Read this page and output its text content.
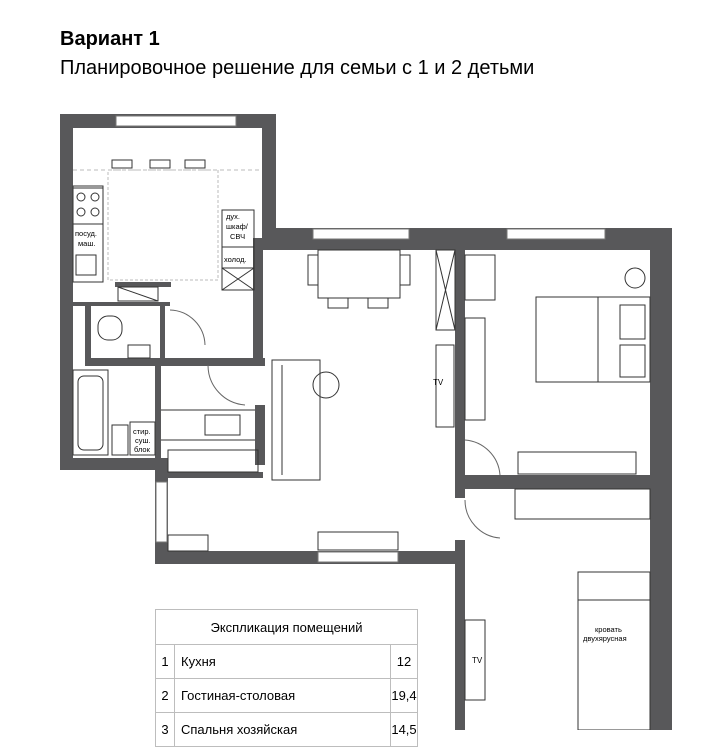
Вариант 1
Планировочное решение для семьи с 1 и 2 детьми
дух.
шкаф/
СВЧ
посуд.
маш.
холод.
стир.
суш.
блок
TV
TV
кровать
двухярусная
Экспликация помещений		
1	Кухня	12
2	Гостиная-столовая	19,4
3	Спальня хозяйская	14,5
